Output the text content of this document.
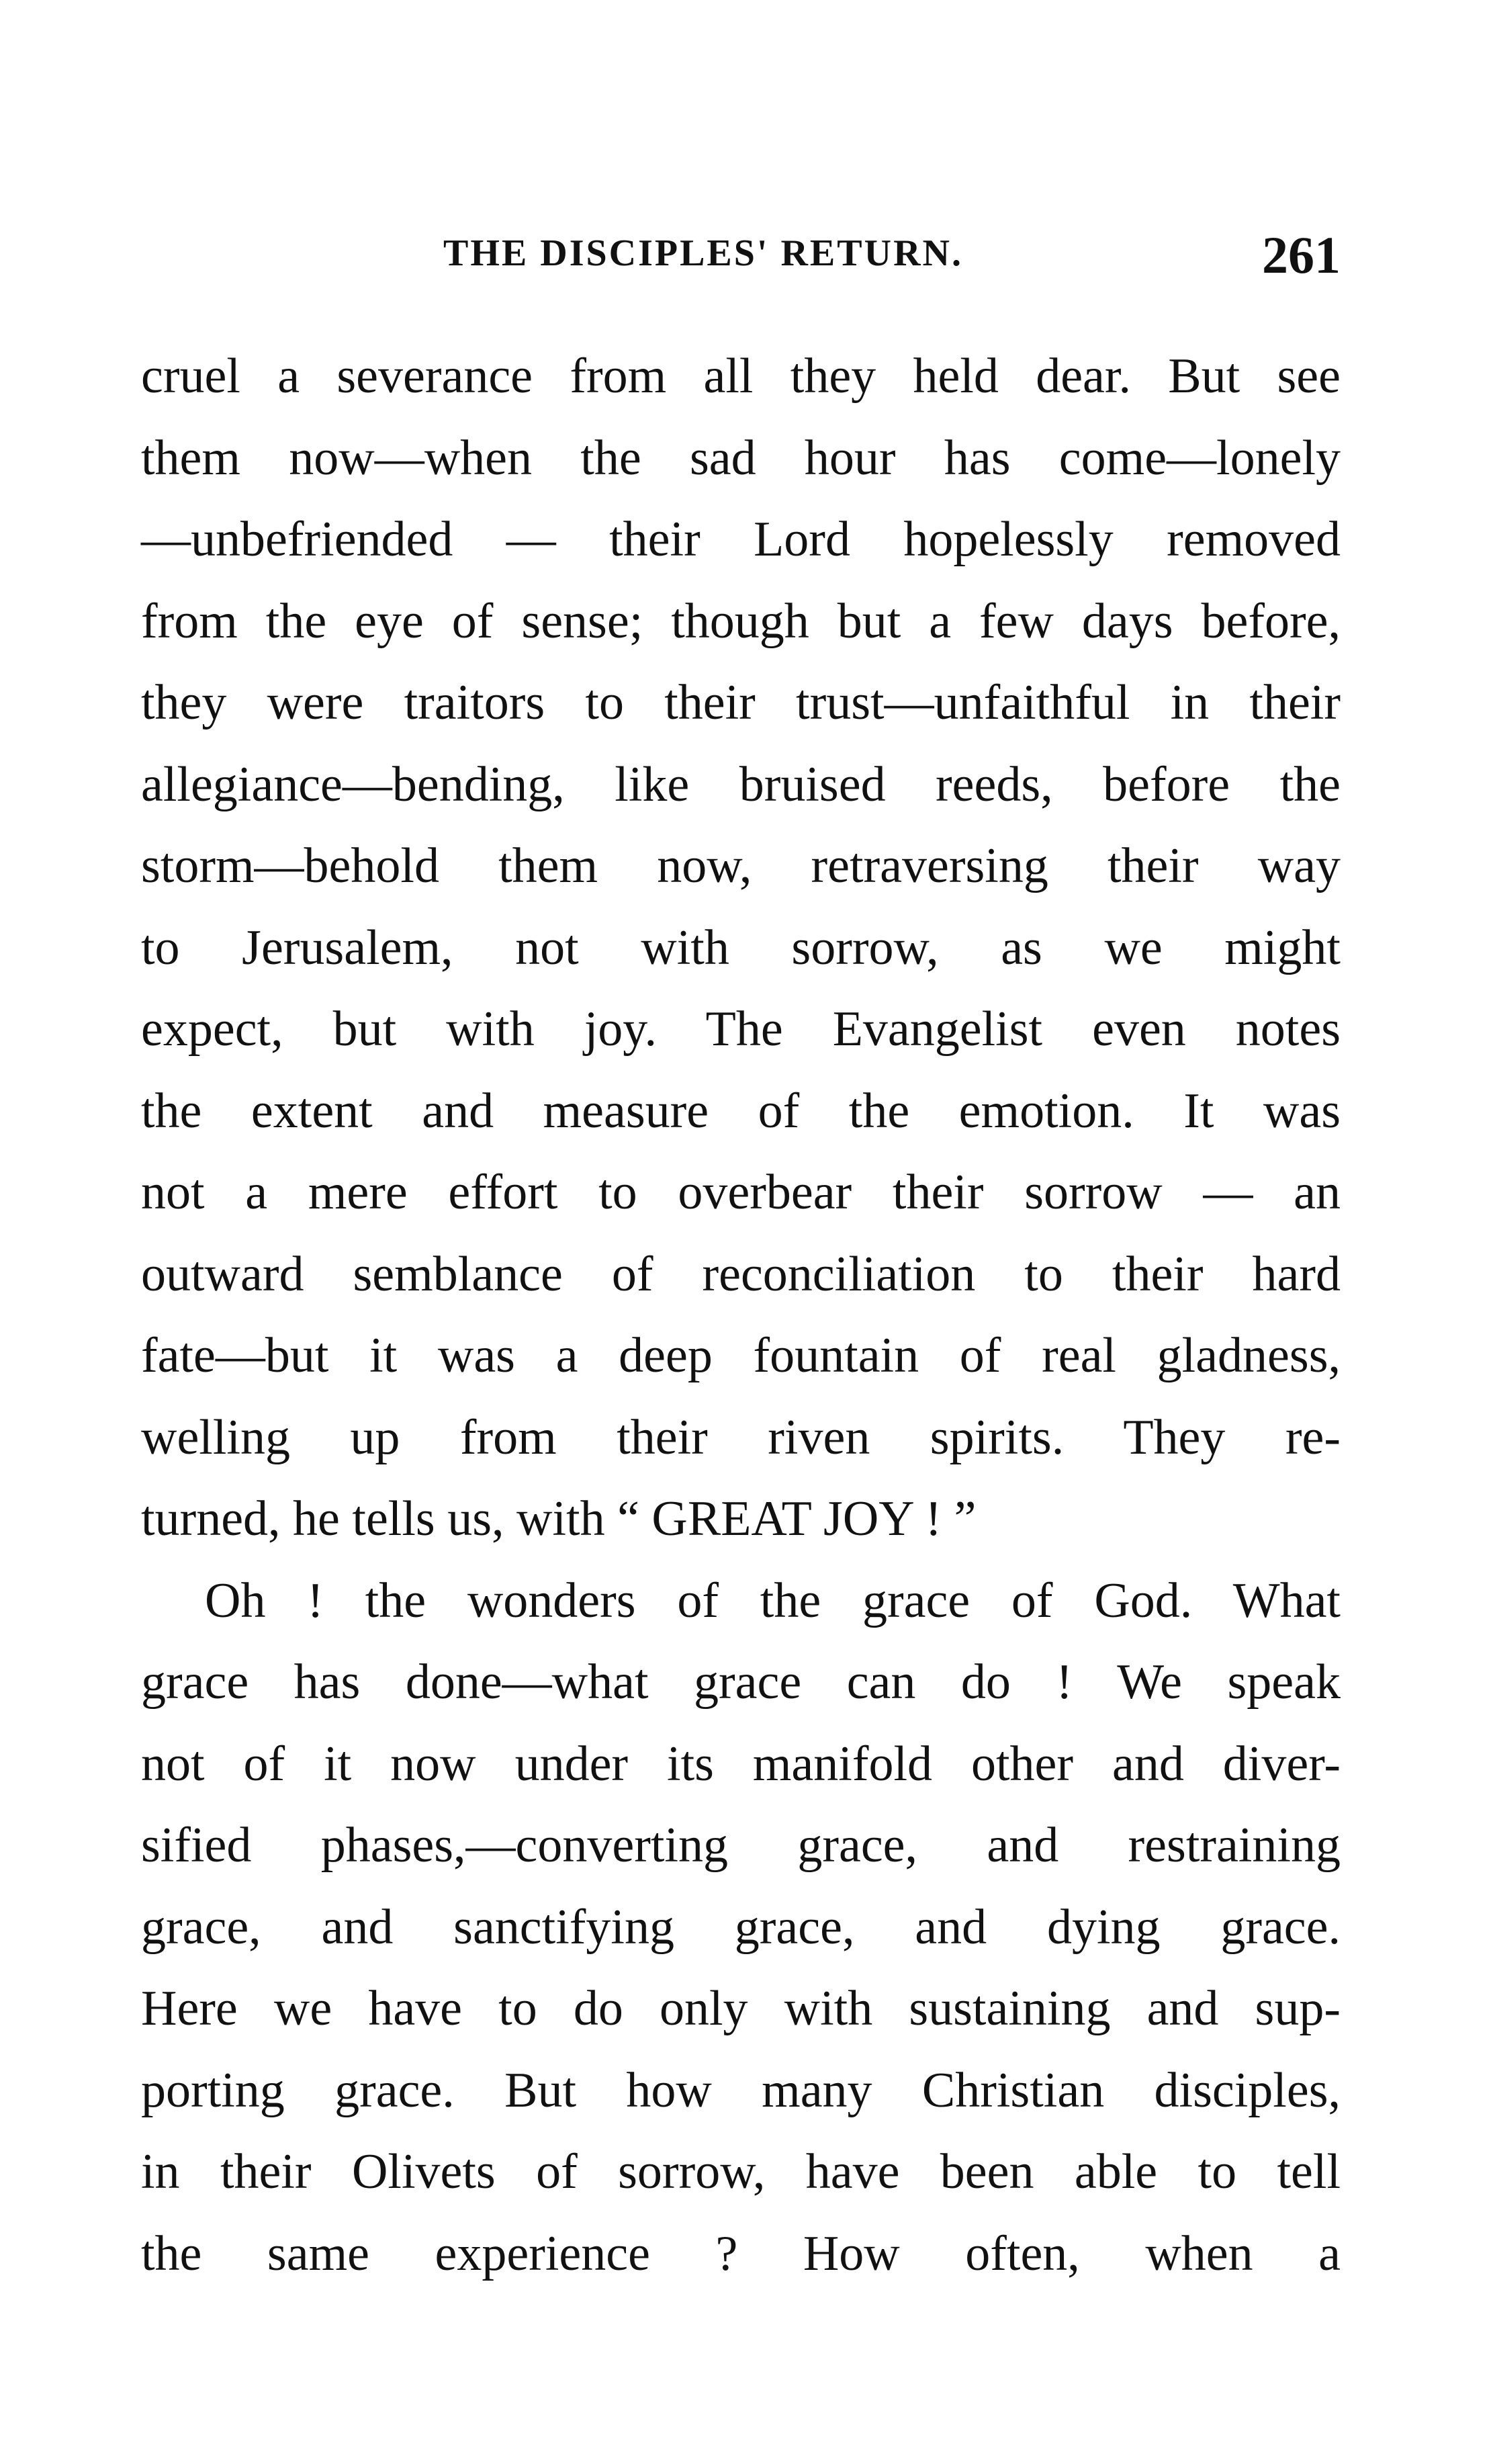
THE DISCIPLES' RETURN.	261
cruel a severance from all they held dear. But see
them now—when the sad hour has come—lonely
—unbefriended — their Lord hopelessly removed
from the eye of sense; though but a few days before,
they were traitors to their trust—unfaithful in their
allegiance—bending, like bruised reeds, before the
storm—behold them now, retraversing their way
to Jerusalem, not with sorrow, as we might
expect, but with joy. The Evangelist even notes
the extent and measure of the emotion. It was
not a mere effort to overbear their sorrow — an
outward semblance of reconciliation to their hard
fate—but it was a deep fountain of real gladness,
welling up from their riven spirits. They re-
turned, he tells us, with “ GREAT JOY ! ”
Oh ! the wonders of the grace of God. What
grace has done—what grace can do ! We speak
not of it now under its manifold other and diver-
sified phases,—converting grace, and restraining
grace, and sanctifying grace, and dying grace.
Here we have to do only with sustaining and sup-
porting grace. But how many Christian disciples,
in their Olivets of sorrow, have been able to tell
the same experience ? How often, when a
